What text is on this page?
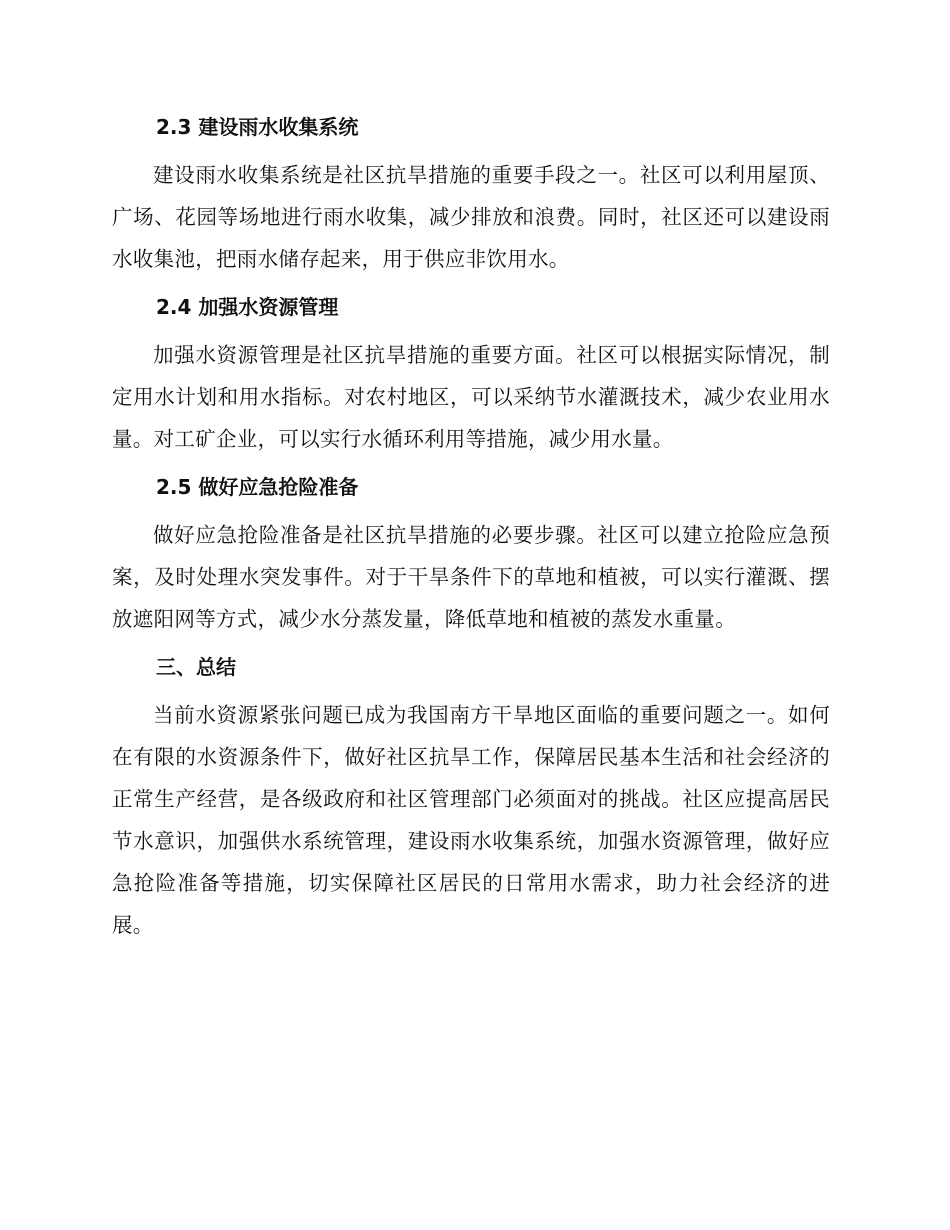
2.3 建设雨水收集系统

建设雨水收集系统是社区抗旱措施的重要手段之一。社区可以利用屋顶、广场、花园等场地进行雨水收集，减少排放和浪费。同时，社区还可以建设雨水收集池，把雨水储存起来，用于供应非饮用水。

2.4 加强水资源管理

加强水资源管理是社区抗旱措施的重要方面。社区可以根据实际情况，制定用水计划和用水指标。对农村地区，可以采纳节水灌溉技术，减少农业用水量。对工矿企业，可以实行水循环利用等措施，减少用水量。

2.5 做好应急抢险准备

做好应急抢险准备是社区抗旱措施的必要步骤。社区可以建立抢险应急预案，及时处理水突发事件。对于干旱条件下的草地和植被，可以实行灌溉、摆放遮阳网等方式，减少水分蒸发量，降低草地和植被的蒸发水重量。

三、总结

当前水资源紧张问题已成为我国南方干旱地区面临的重要问题之一。如何在有限的水资源条件下，做好社区抗旱工作，保障居民基本生活和社会经济的正常生产经营，是各级政府和社区管理部门必须面对的挑战。社区应提高居民节水意识，加强供水系统管理，建设雨水收集系统，加强水资源管理，做好应急抢险准备等措施，切实保障社区居民的日常用水需求，助力社会经济的进展。
